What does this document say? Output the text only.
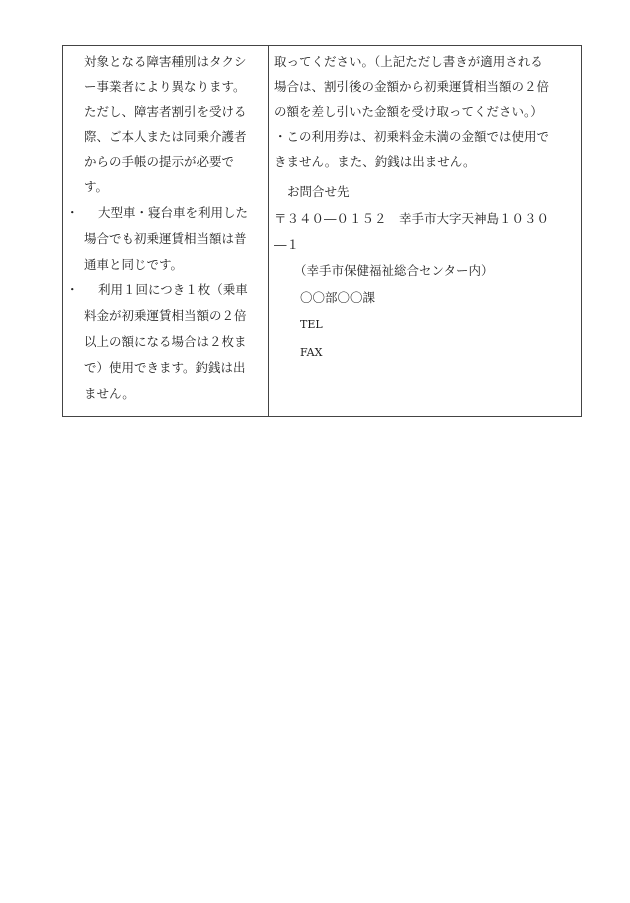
対象となる障害種別はタクシ
ー事業者により異なります。
ただし、障害者割引を受ける
際、ご本人または同乗介護者
からの手帳の提示が必要で
す。
・ 大型車・寝台車を利用した
場合でも初乗運賃相当額は普
通車と同じです。
・ 利用１回につき１枚（乗車
料金が初乗運賃相当額の２倍
以上の額になる場合は２枚ま
で）使用できます。釣銭は出
ません。
取ってください。（上記ただし書きが適用される
場合は、割引後の金額から初乗運賃相当額の２倍
の額を差し引いた金額を受け取ってください。）
・この利用券は、初乗料金未満の金額では使用で
きません。また、釣銭は出ません。
お問合せ先
〒３４０―０１５２　幸手市大字天神島１０３０
―１
（幸手市保健福祉総合センター内）
〇〇部〇〇課
TEL
FAX
